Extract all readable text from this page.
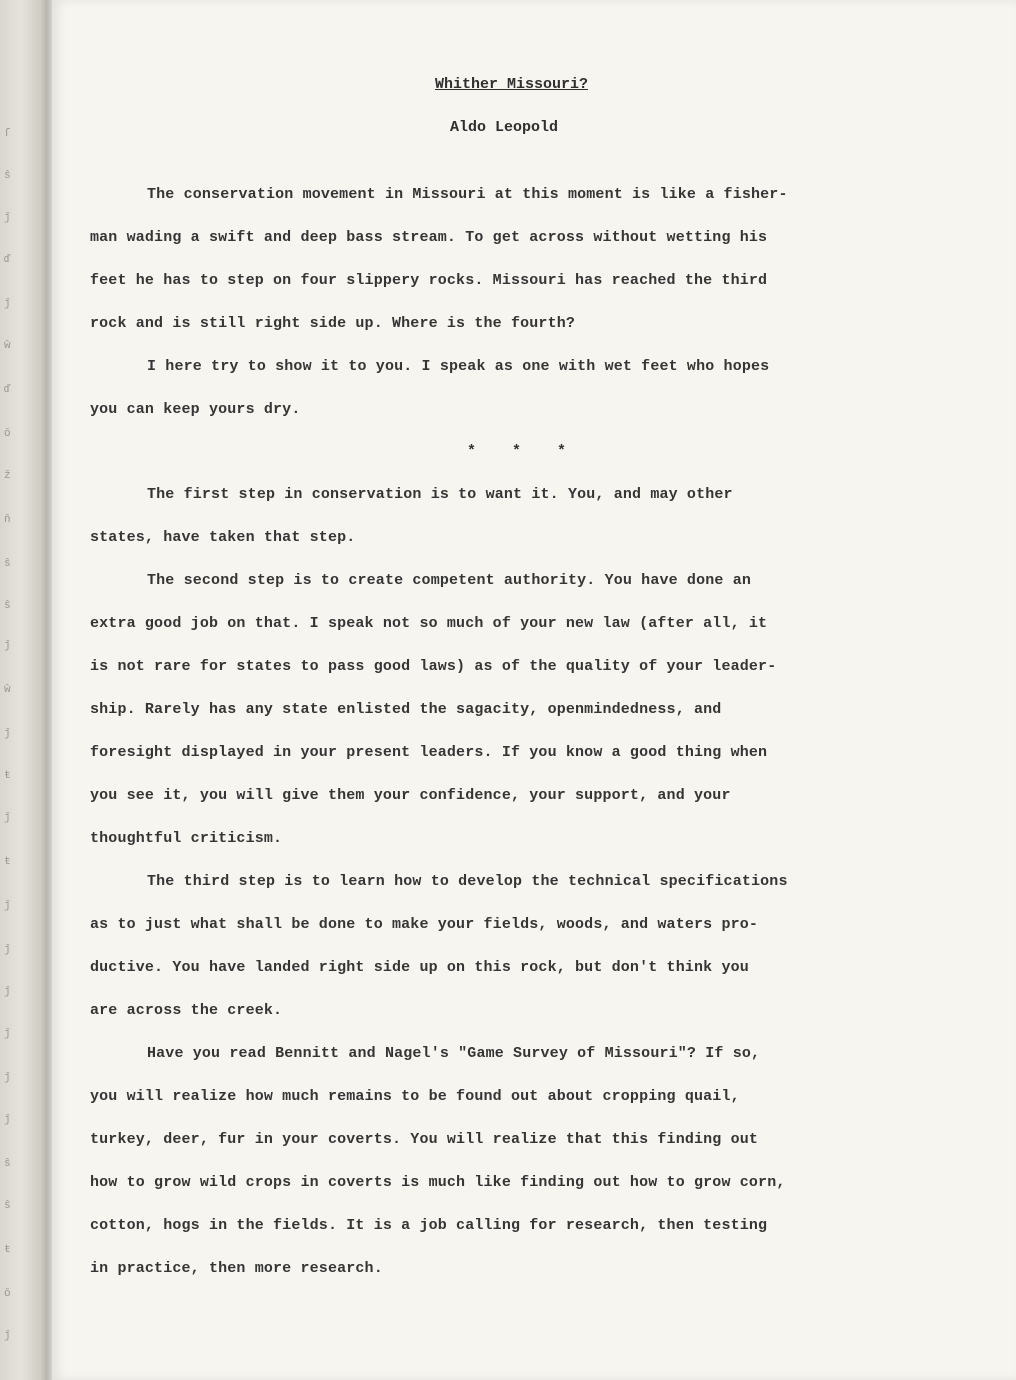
ſ
ŝ
ĵ
ď
ĵ
ŵ
ď
ŏ
ž
ň
ŝ
ŝ
ĵ
ŵ
ĵ
ŧ
ĵ
ŧ
ĵ
ĵ
ĵ
ĵ
ĵ
ĵ
ŝ
ŝ
ŧ
ŏ
ĵ
Whither Missouri?
Aldo Leopold
The conservation movement in Missouri at this moment is like a fisher-
man wading a swift and deep bass stream. To get across without wetting his
feet he has to step on four slippery rocks. Missouri has reached the third
rock and is still right side up. Where is the fourth?
I here try to show it to you. I speak as one with wet feet who hopes
you can keep yours dry.
*    *    *
The first step in conservation is to want it. You, and may other
states, have taken that step.
The second step is to create competent authority. You have done an
extra good job on that. I speak not so much of your new law (after all, it
is not rare for states to pass good laws) as of the quality of your leader-
ship. Rarely has any state enlisted the sagacity, openmindedness, and
foresight displayed in your present leaders. If you know a good thing when
you see it, you will give them your confidence, your support, and your
thoughtful criticism.
The third step is to learn how to develop the technical specifications
as to just what shall be done to make your fields, woods, and waters pro-
ductive. You have landed right side up on this rock, but don't think you
are across the creek.
Have you read Bennitt and Nagel's "Game Survey of Missouri"? If so,
you will realize how much remains to be found out about cropping quail,
turkey, deer, fur in your coverts. You will realize that this finding out
how to grow wild crops in coverts is much like finding out how to grow corn,
cotton, hogs in the fields. It is a job calling for research, then testing
in practice, then more research.
